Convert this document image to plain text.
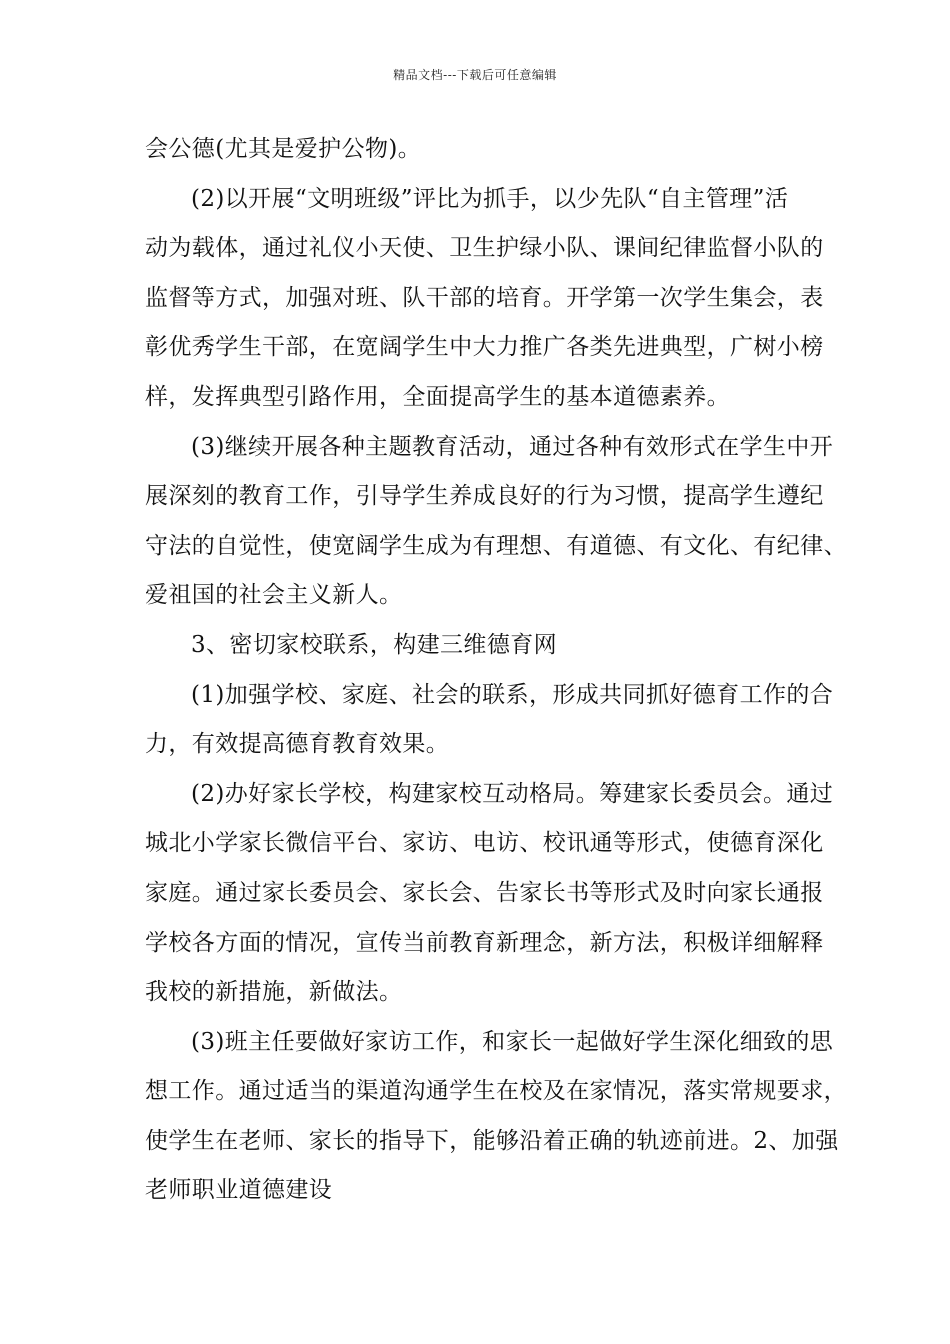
精品文档---下载后可任意编辑
会公德(尤其是爱护公物)。
(2)以开展“文明班级”评比为抓手，以少先队“自主管理”活
动为载体，通过礼仪小天使、卫生护绿小队、课间纪律监督小队的
监督等方式，加强对班、队干部的培育。开学第一次学生集会，表
彰优秀学生干部，在宽阔学生中大力推广各类先进典型，广树小榜
样，发挥典型引路作用，全面提高学生的基本道德素养。
(3)继续开展各种主题教育活动，通过各种有效形式在学生中开
展深刻的教育工作，引导学生养成良好的行为习惯，提高学生遵纪
守法的自觉性，使宽阔学生成为有理想、有道德、有文化、有纪律、
爱祖国的社会主义新人。
3、密切家校联系，构建三维德育网
(1)加强学校、家庭、社会的联系，形成共同抓好德育工作的合
力，有效提高德育教育效果。
(2)办好家长学校，构建家校互动格局。筹建家长委员会。通过
城北小学家长微信平台、家访、电访、校讯通等形式，使德育深化
家庭。通过家长委员会、家长会、告家长书等形式及时向家长通报
学校各方面的情况，宣传当前教育新理念，新方法，积极详细解释
我校的新措施，新做法。
(3)班主任要做好家访工作，和家长一起做好学生深化细致的思
想工作。通过适当的渠道沟通学生在校及在家情况，落实常规要求，
使学生在老师、家长的指导下，能够沿着正确的轨迹前进。2、加强
老师职业道德建设
